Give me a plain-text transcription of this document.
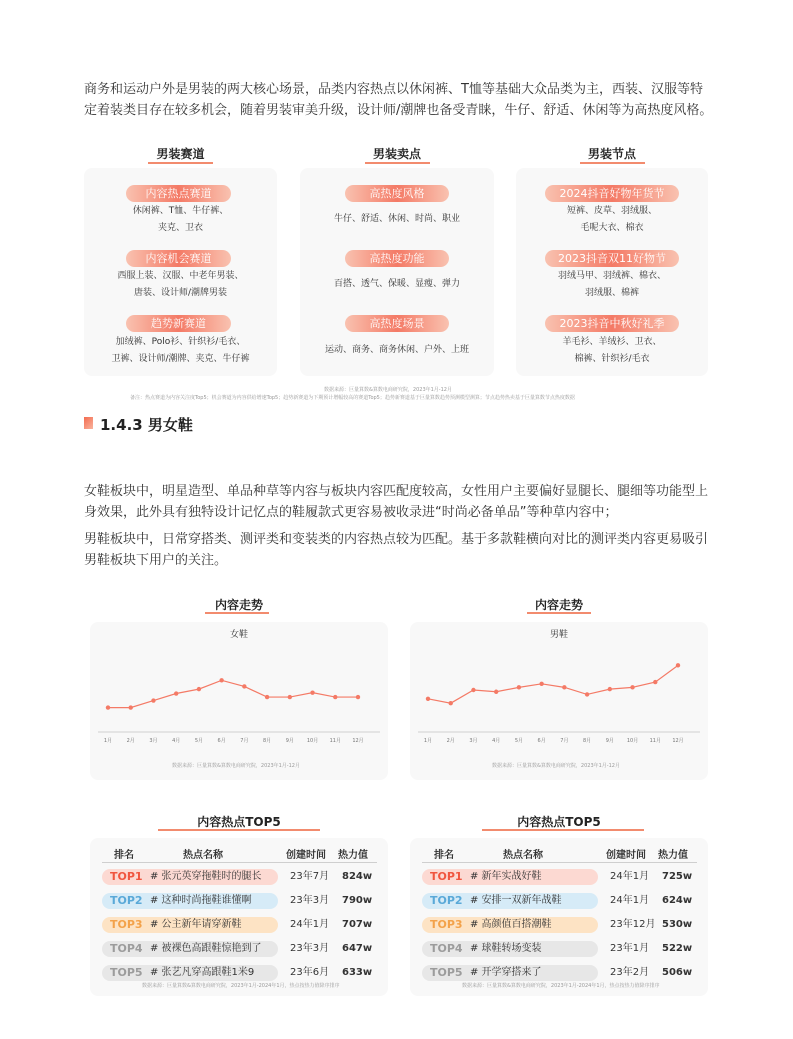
商务和运动户外是男装的两大核心场景，品类内容热点以休闲裤、T恤等基础大众品类为主，西装、汉服等特定着装类目存在较多机会，随着男装审美升级，设计师/潮牌也备受青睐，牛仔、舒适、休闲等为高热度风格。

男装赛道
内容热点赛道
休闲裤、T恤、牛仔裤、
夹克、卫衣
内容机会赛道
西服上装、汉服、中老年男装、
唐装、设计师/潮牌男装
趋势新赛道
加绒裤、Polo衫、针织衫/毛衣、
卫裤、设计师/潮牌、夹克、牛仔裤
男装卖点
高热度风格
牛仔、舒适、休闲、时尚、职业
高热度功能
百搭、透气、保暖、显瘦、弹力
高热度场景
运动、商务、商务休闲、户外、上班
男装节点
2024抖音好物年货节
短裤、皮草、羽绒服、
毛呢大衣、棉衣
2023抖音双11好物节
羽绒马甲、羽绒裤、棉衣、
羽绒服、棉裤
2023抖音中秋好礼季
羊毛衫、羊绒衫、卫衣、
棉裤、针织衫/毛衣
数据来源：巨量算数&算数电商研究院，2023年1月-12月
备注：热点赛道为内容关注度Top5；机会赛道为内容供给增速Top5；趋势新赛道为下期预计增幅较高的赛道Top5；趋势新赛道基于巨量算数趋势预测模型测算；节点趋势热卖基于巨量算数节点热度数据
1.4.3 男女鞋

女鞋板块中，明星造型、单品种草等内容与板块内容匹配度较高，女性用户主要偏好显腿长、腿细等功能型上身效果，此外具有独特设计记忆点的鞋履款式更容易被收录进“时尚必备单品”等种草内容中；

男鞋板块中，日常穿搭类、测评类和变装类的内容热点较为匹配。基于多款鞋横向对比的测评类内容更易吸引男鞋板块下用户的关注。

内容走势	内容走势
女鞋
1月	2月	3月	4月	5月	6月	7月	8月	9月	10月 11月 12月
数据来源：巨量算数&算数电商研究院，2023年1月-12月
男鞋
1月	2月	3月	4月	5月	6月	7月	8月	9月	10月 11月 12月
数据来源：巨量算数&算数电商研究院，2023年1月-12月
内容热点TOP5	内容热点TOP5
排名	热点名称	创建时间 热力值
数据来源：巨量算数&算数电商研究院，2023年1月-2024年1月，热点按热力值降序排序
TOP1 # 张元英穿拖鞋时的腿长	23年7月 824w
TOP2 # 这种时尚拖鞋谁懂啊	23年3月 790w
TOP3 # 公主新年请穿新鞋	24年1月 707w
TOP4 # 被裸色高跟鞋惊艳到了	23年3月 647w
TOP5 # 张艺凡穿高跟鞋1米9	23年6月 633w
排名	热点名称	创建时间 热力值
数据来源：巨量算数&算数电商研究院，2023年1月-2024年1月，热点按热力值降序排序
TOP1 # 新年实战好鞋	24年1月 725w
TOP2 # 安排一双新年战鞋	24年1月 624w
TOP3 # 高颜值百搭潮鞋	23年12月 530w
TOP4 # 球鞋转场变装	23年1月 522w
TOP5 # 开学穿搭来了	23年2月 506w
